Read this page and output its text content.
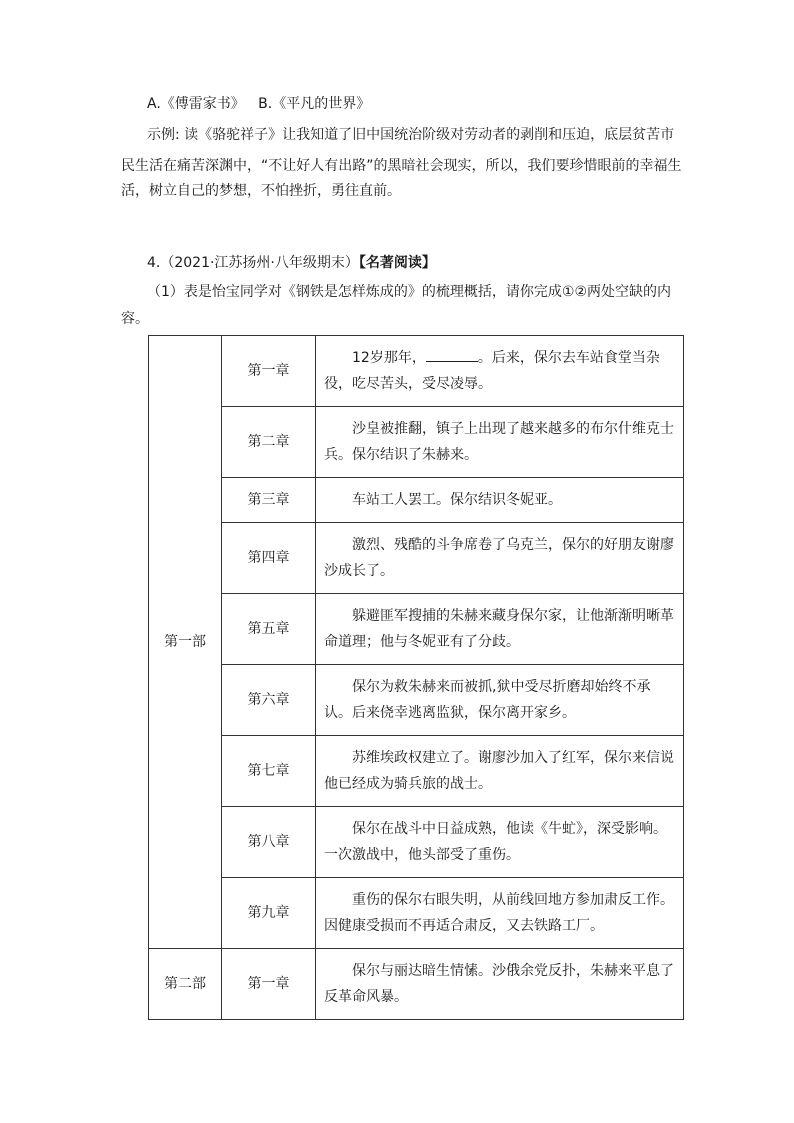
A.《傅雷家书》 B.《平凡的世界》
示例: 读《骆驼祥子》让我知道了旧中国统治阶级对劳动者的剥削和压迫，底层贫苦市
民生活在痛苦深渊中，“不让好人有出路”的黑暗社会现实，所以，我们要珍惜眼前的幸福生
活，树立自己的梦想，不怕挫折，勇往直前。
4.（2021·江苏扬州·八年级期末）【名著阅读】
（1）表是怡宝同学对《钢铁是怎样炼成的》的梳理概括，请你完成①②两处空缺的内
容。
第一部	第一章	12岁那年， 。后来，保尔去车站食堂当杂役，吃尽苦头，受尽凌辱。
	第二章	沙皇被推翻，镇子上出现了越来越多的布尔什维克士兵。保尔结识了朱赫来。
	第三章	车站工人罢工。保尔结识冬妮亚。
	第四章	激烈、残酷的斗争席卷了乌克兰，保尔的好朋友谢廖沙成长了。
	第五章	躲避匪军搜捕的朱赫来藏身保尔家，让他渐渐明晰革命道理；他与冬妮亚有了分歧。
	第六章	保尔为救朱赫来而被抓,狱中受尽折磨却始终不承认。后来侥幸逃离监狱，保尔离开家乡。
	第七章	苏维埃政权建立了。谢廖沙加入了红军，保尔来信说他已经成为骑兵旅的战士。
	第八章	保尔在战斗中日益成熟，他读《牛虻》，深受影响。一次激战中，他头部受了重伤。
	第九章	重伤的保尔右眼失明，从前线回地方参加肃反工作。因健康受损而不再适合肃反，又去铁路工厂。
第二部	第一章	保尔与丽达暗生情愫。沙俄余党反扑，朱赫来平息了反革命风暴。
